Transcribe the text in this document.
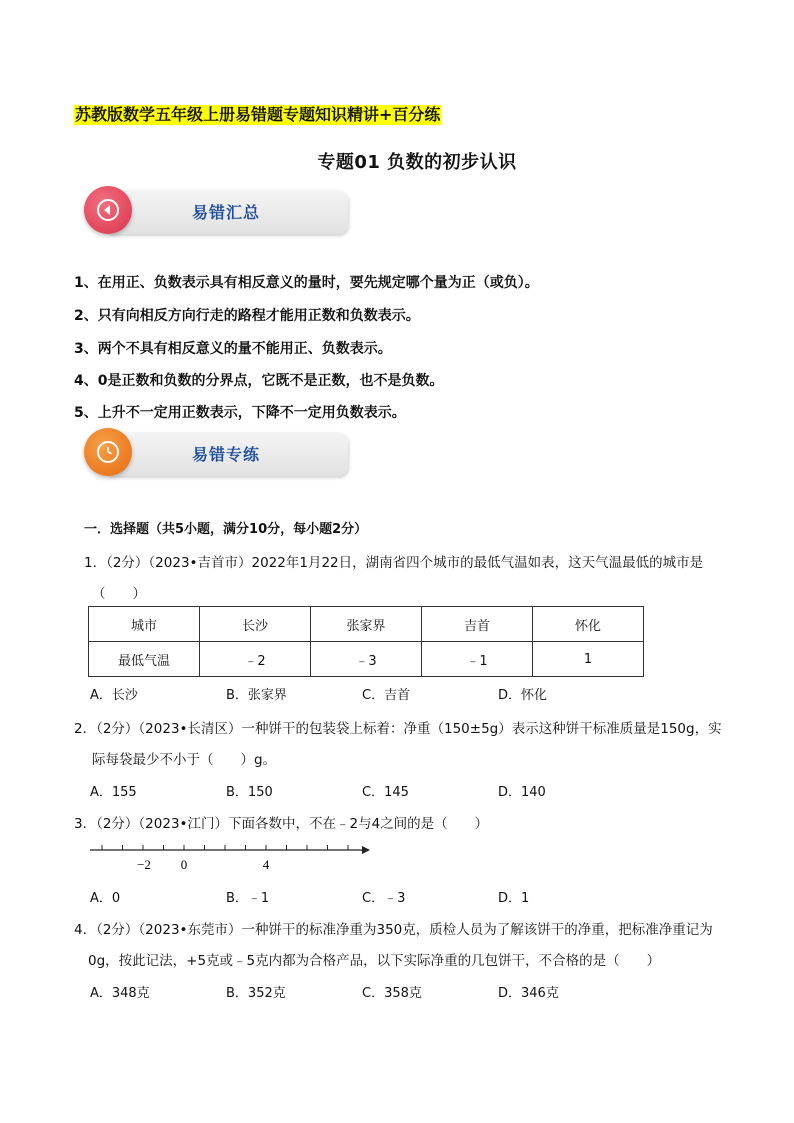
苏教版数学五年级上册易错题专题知识精讲+百分练
专题01 负数的初步认识
易错汇总
1、在用正、负数表示具有相反意义的量时，要先规定哪个量为正（或负）。
2、只有向相反方向行走的路程才能用正数和负数表示。
3、两个不具有相反意义的量不能用正、负数表示。
4、0是正数和负数的分界点，它既不是正数，也不是负数。
5、上升不一定用正数表示，下降不一定用负数表示。
易错专练
一．选择题（共5小题，满分10分，每小题2分）
1．（2分）（2023•吉首市）2022年1月22日，湖南省四个城市的最低气温如表，这天气温最低的城市是
（　　）
城市	长沙	张家界	吉首	怀化
最低气温	﹣2	﹣3	﹣1	1
A．长沙	B．张家界	C．吉首	D．怀化
2．（2分）（2023•长清区）一种饼干的包装袋上标着：净重（150±5g）表示这种饼干标准质量是150g，实
际每袋最少不小于（　　）g。
A．155	B．150	C．145	D．140
3．（2分）（2023•江门）下面各数中，不在﹣2与4之间的是（　　）
−2 0	4
A．0	B．﹣1	C．﹣3	D．1
4．（2分）（2023•东莞市）一种饼干的标准净重为350克，质检人员为了解该饼干的净重，把标准净重记为
0g，按此记法，+5克或﹣5克内都为合格产品，以下实际净重的几包饼干，不合格的是（　　）
A．348克	B．352克	C．358克	D．346克
